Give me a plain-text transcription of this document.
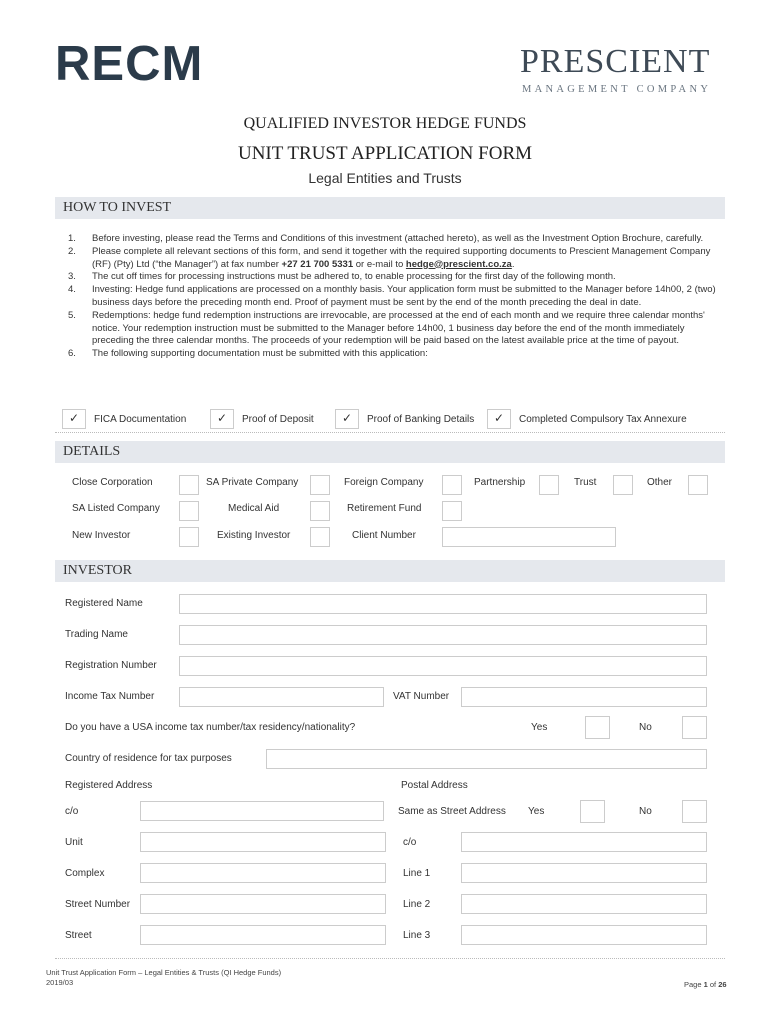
RECM	PRESCIENT
MANAGEMENT COMPANY
QUALIFIED INVESTOR HEDGE FUNDS
UNIT TRUST APPLICATION FORM
Legal Entities and Trusts
HOW TO INVEST
1. Before investing, please read the Terms and Conditions of this investment (attached hereto), as well as the Investment Option Brochure, carefully.
2. Please complete all relevant sections of this form, and send it together with the required supporting documents to Prescient Management Company (RF) (Pty) Ltd (“the Manager”) at fax number +27 21 700 5331 or e-mail to hedge@prescient.co.za.
3. The cut off times for processing instructions must be adhered to, to enable processing for the first day of the following month.
4. Investing: Hedge fund applications are processed on a monthly basis. Your application form must be submitted to the Manager before 14h00, 2 (two) business days before the preceding month end. Proof of payment must be sent by the end of the month preceding the deal in date.
5. Redemptions: hedge fund redemption instructions are irrevocable, are processed at the end of each month and we require three calendar months' notice. Your redemption instruction must be submitted to the Manager before 14h00, 1 business day before the end of the month immediately preceding the three calendar months. The proceeds of your redemption will be paid based on the latest available price at the time of payout.
6. The following supporting documentation must be submitted with this application:
✓ FICA Documentation	✓ Proof of Deposit ✓ Proof of Banking Details ✓ Completed Compulsory Tax Annexure
DETAILS
Close Corporation	SA Private Company	Foreign Company	Partnership	Trust	Other
SA Listed Company	Medical Aid	Retirement Fund
New Investor	Existing Investor	Client Number
INVESTOR
Registered Name
Trading Name
Registration Number
Income Tax Number	VAT Number
Do you have a USA income tax number/tax residency/nationality?	Yes	No
Country of residence for tax purposes
Registered Address	Postal Address
c/o	Same as Street Address Yes	No
Unit	c/o
Complex	Line 1
Street Number	Line 2
Street	Line 3
Unit Trust Application Form – Legal Entities & Trusts (QI Hedge Funds)
2019/03	Page 1 of 26
